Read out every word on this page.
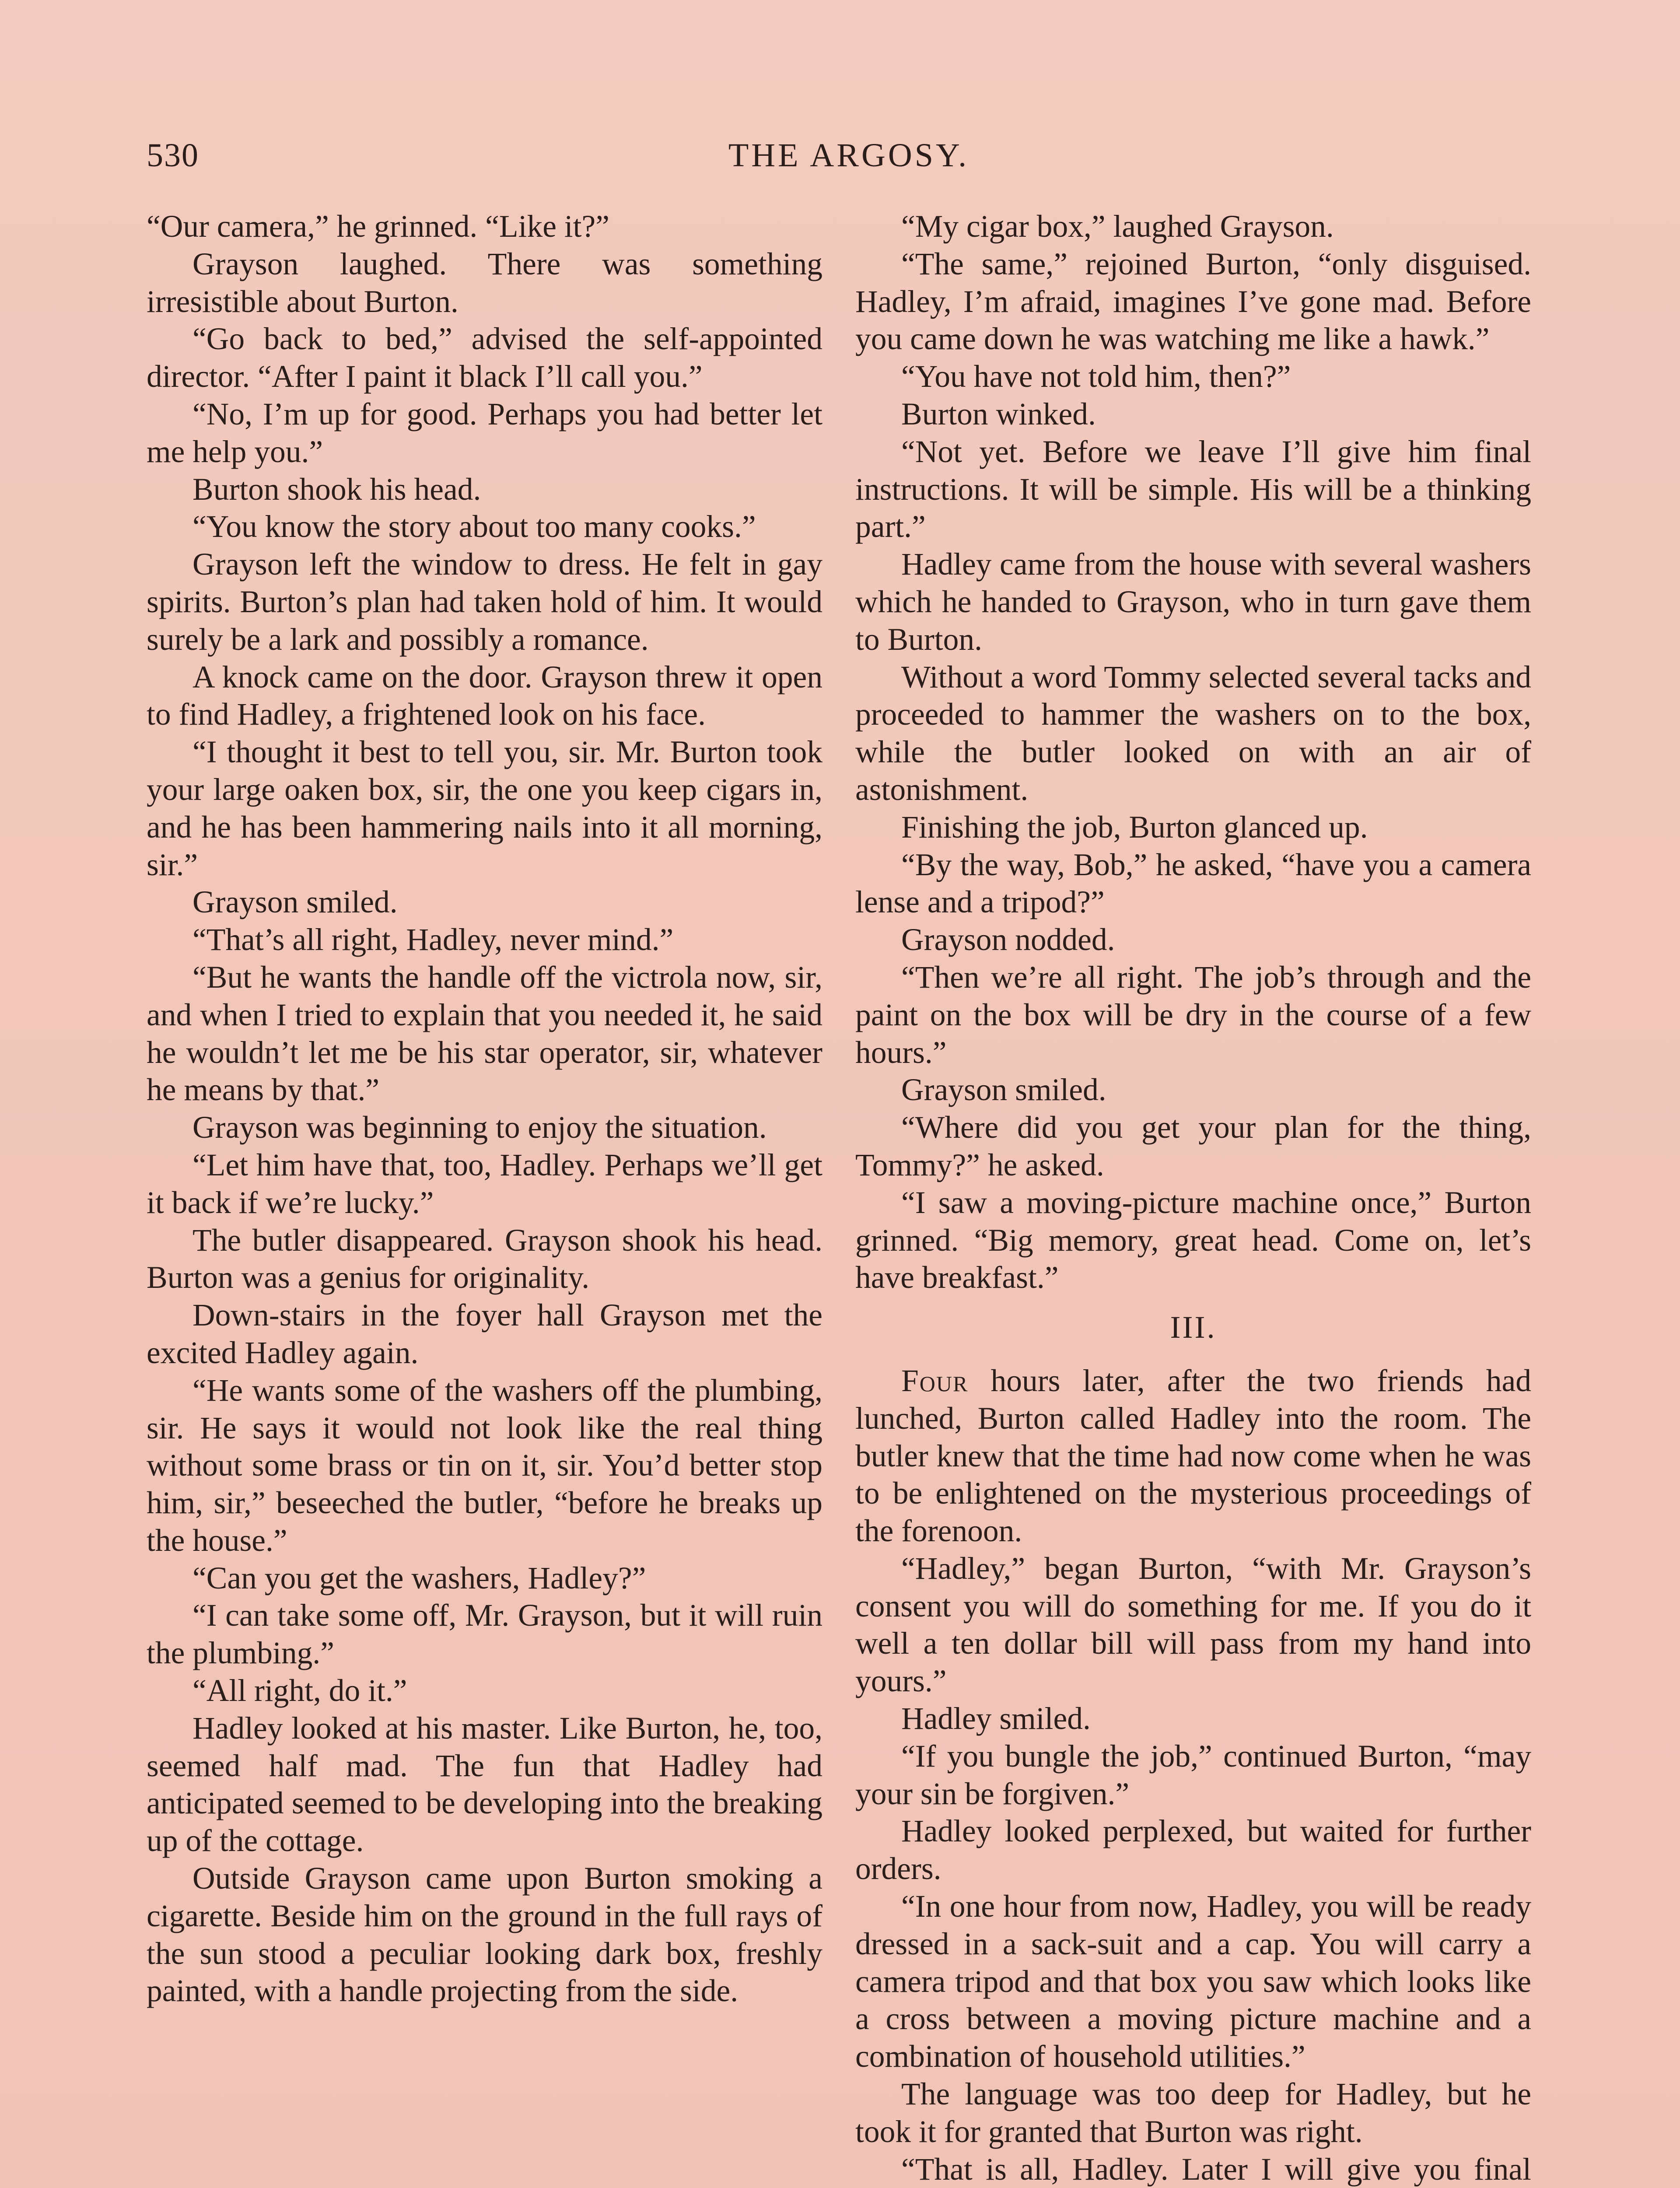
530	THE ARGOSY.

“Our camera,” he grinned. “Like it?”

Grayson laughed. There was something irresistible about Burton.

“Go back to bed,” advised the self-appointed director. “After I paint it black I’ll call you.”

“No, I’m up for good. Perhaps you had better let me help you.”

Burton shook his head.

“You know the story about too many cooks.”

Grayson left the window to dress. He felt in gay spirits. Burton’s plan had taken hold of him. It would surely be a lark and possibly a romance.

A knock came on the door. Grayson threw it open to find Hadley, a frightened look on his face.

“I thought it best to tell you, sir. Mr. Burton took your large oaken box, sir, the one you keep cigars in, and he has been hammering nails into it all morning, sir.”

Grayson smiled.

“That’s all right, Hadley, never mind.”

“But he wants the handle off the victrola now, sir, and when I tried to explain that you needed it, he said he wouldn’t let me be his star operator, sir, whatever he means by that.”

Grayson was beginning to enjoy the situation.

“Let him have that, too, Hadley. Perhaps we’ll get it back if we’re lucky.”

The butler disappeared. Grayson shook his head. Burton was a genius for originality.

Down-stairs in the foyer hall Grayson met the excited Hadley again.

“He wants some of the washers off the plumbing, sir. He says it would not look like the real thing without some brass or tin on it, sir. You’d better stop him, sir,” beseeched the butler, “before he breaks up the house.”

“Can you get the washers, Hadley?”

“I can take some off, Mr. Grayson, but it will ruin the plumbing.”

“All right, do it.”

Hadley looked at his master. Like Burton, he, too, seemed half mad. The fun that Hadley had anticipated seemed to be developing into the breaking up of the cottage.

Outside Grayson came upon Burton smoking a cigarette. Beside him on the ground in the full rays of the sun stood a peculiar looking dark box, freshly painted, with a handle projecting from the side.

“My cigar box,” laughed Grayson.

“The same,” rejoined Burton, “only disguised. Hadley, I’m afraid, imagines I’ve gone mad. Before you came down he was watching me like a hawk.”

“You have not told him, then?”

Burton winked.

“Not yet. Before we leave I’ll give him final instructions. It will be simple. His will be a thinking part.”

Hadley came from the house with several washers which he handed to Grayson, who in turn gave them to Burton.

Without a word Tommy selected several tacks and proceeded to hammer the washers on to the box, while the butler looked on with an air of astonishment.

Finishing the job, Burton glanced up.

“By the way, Bob,” he asked, “have you a camera lense and a tripod?”

Grayson nodded.

“Then we’re all right. The job’s through and the paint on the box will be dry in the course of a few hours.”

Grayson smiled.

“Where did you get your plan for the thing, Tommy?” he asked.

“I saw a moving-picture machine once,” Burton grinned. “Big memory, great head. Come on, let’s have breakfast.”

III.

Four hours later, after the two friends had lunched, Burton called Hadley into the room. The butler knew that the time had now come when he was to be enlightened on the mysterious proceedings of the forenoon.

“Hadley,” began Burton, “with Mr. Grayson’s consent you will do something for me. If you do it well a ten dollar bill will pass from my hand into yours.”

Hadley smiled.

“If you bungle the job,” continued Burton, “may your sin be forgiven.”

Hadley looked perplexed, but waited for further orders.

“In one hour from now, Hadley, you will be ready dressed in a sack-suit and a cap. You will carry a camera tripod and that box you saw which looks like a cross between a moving picture machine and a combination of household utilities.”

The language was too deep for Hadley, but he took it for granted that Burton was right.

“That is all, Hadley. Later I will give you final
